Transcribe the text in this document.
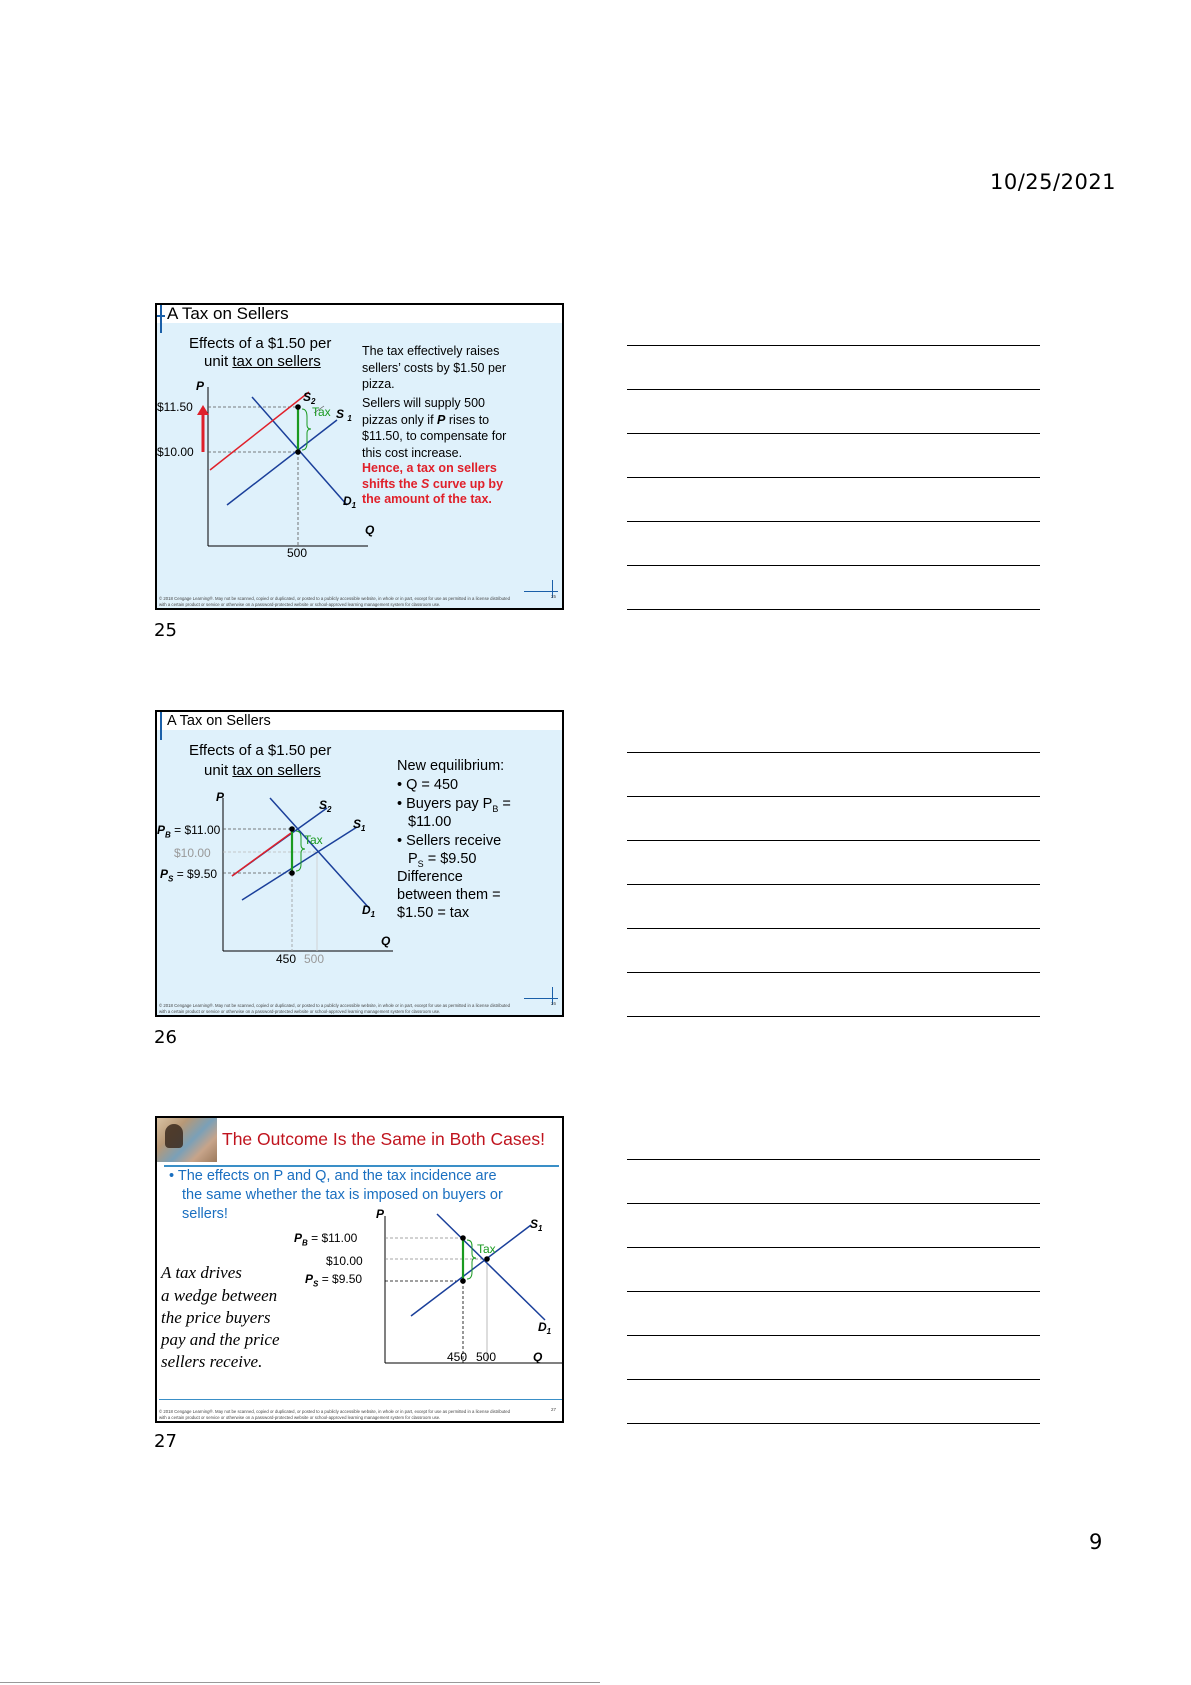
10/25/2021
A Tax on Sellers
Effects of a $1.50 per
unit tax on sellers
P
Q
$11.50
$10.00
500
Tax
$S_2$
S $_1$
$D_1$
The tax effectively raises sellers’ costs by $1.50 per pizza.
Sellers will supply 500 pizzas only if P rises to $11.50, to compensate for this cost increase.
Hence, a tax on sellers shifts the S curve up by the amount of the tax.
© 2018 Cengage Learning®. May not be scanned, copied or duplicated, or posted to a publicly accessible website, in whole or in part, except for use as permitted in a license distributed with a certain product or service or otherwise on a password-protected website or school-approved learning management system for classroom use.
25
25
A Tax on Sellers
Effects of a $1.50 per
unit tax on sellers
P
Q
450 500
Tax
$S_2$
$S_1$
$D_1$
$P_B$ = $11.00
$10.00
$P_S$ = $9.50
New equilibrium:
• Q = 450
• Buyers pay $P_B$ =
$11.00
• Sellers receive
$P_S$ = $9.50
Difference
between them =
$1.50 = tax
© 2018 Cengage Learning®. May not be scanned, copied or duplicated, or posted to a publicly accessible website, in whole or in part, except for use as permitted in a license distributed with a certain product or service or otherwise on a password-protected website or school-approved learning management system for classroom use.
26
26
The Outcome Is the Same in Both Cases!
• The effects on P and Q, and the tax incidence are
the same whether the tax is imposed on buyers or
sellers!
A tax drives
a wedge between
the price buyers
pay and the price
sellers receive.
P
Q
450 500
Tax
$S_1$
$D_1$
$P_B$ = $11.00
$10.00
$P_S$ = $9.50
© 2018 Cengage Learning®. May not be scanned, copied or duplicated, or posted to a publicly accessible website, in whole or in part, except for use as permitted in a license distributed with a certain product or service or otherwise on a password-protected website or school-approved learning management system for classroom use.
27
27
9
